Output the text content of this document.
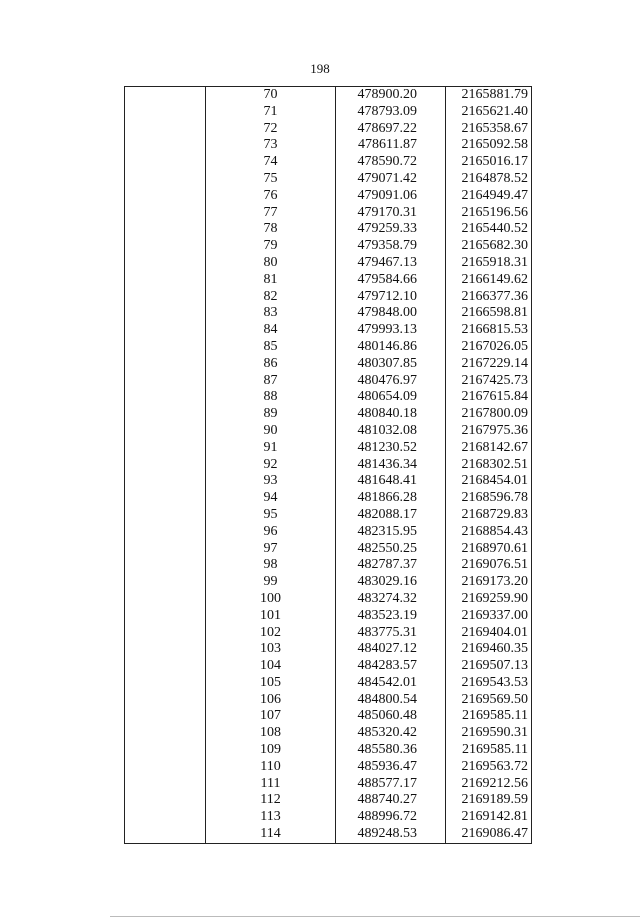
198
	70	478900.20	2165881.79
	71	478793.09	2165621.40
	72	478697.22	2165358.67
	73	478611.87	2165092.58
	74	478590.72	2165016.17
	75	479071.42	2164878.52
	76	479091.06	2164949.47
	77	479170.31	2165196.56
	78	479259.33	2165440.52
	79	479358.79	2165682.30
	80	479467.13	2165918.31
	81	479584.66	2166149.62
	82	479712.10	2166377.36
	83	479848.00	2166598.81
	84	479993.13	2166815.53
	85	480146.86	2167026.05
	86	480307.85	2167229.14
	87	480476.97	2167425.73
	88	480654.09	2167615.84
	89	480840.18	2167800.09
	90	481032.08	2167975.36
	91	481230.52	2168142.67
	92	481436.34	2168302.51
	93	481648.41	2168454.01
	94	481866.28	2168596.78
	95	482088.17	2168729.83
	96	482315.95	2168854.43
	97	482550.25	2168970.61
	98	482787.37	2169076.51
	99	483029.16	2169173.20
	100	483274.32	2169259.90
	101	483523.19	2169337.00
	102	483775.31	2169404.01
	103	484027.12	2169460.35
	104	484283.57	2169507.13
	105	484542.01	2169543.53
	106	484800.54	2169569.50
	107	485060.48	2169585.11
	108	485320.42	2169590.31
	109	485580.36	2169585.11
	110	485936.47	2169563.72
	111	488577.17	2169212.56
	112	488740.27	2169189.59
	113	488996.72	2169142.81
	114	489248.53	2169086.47
